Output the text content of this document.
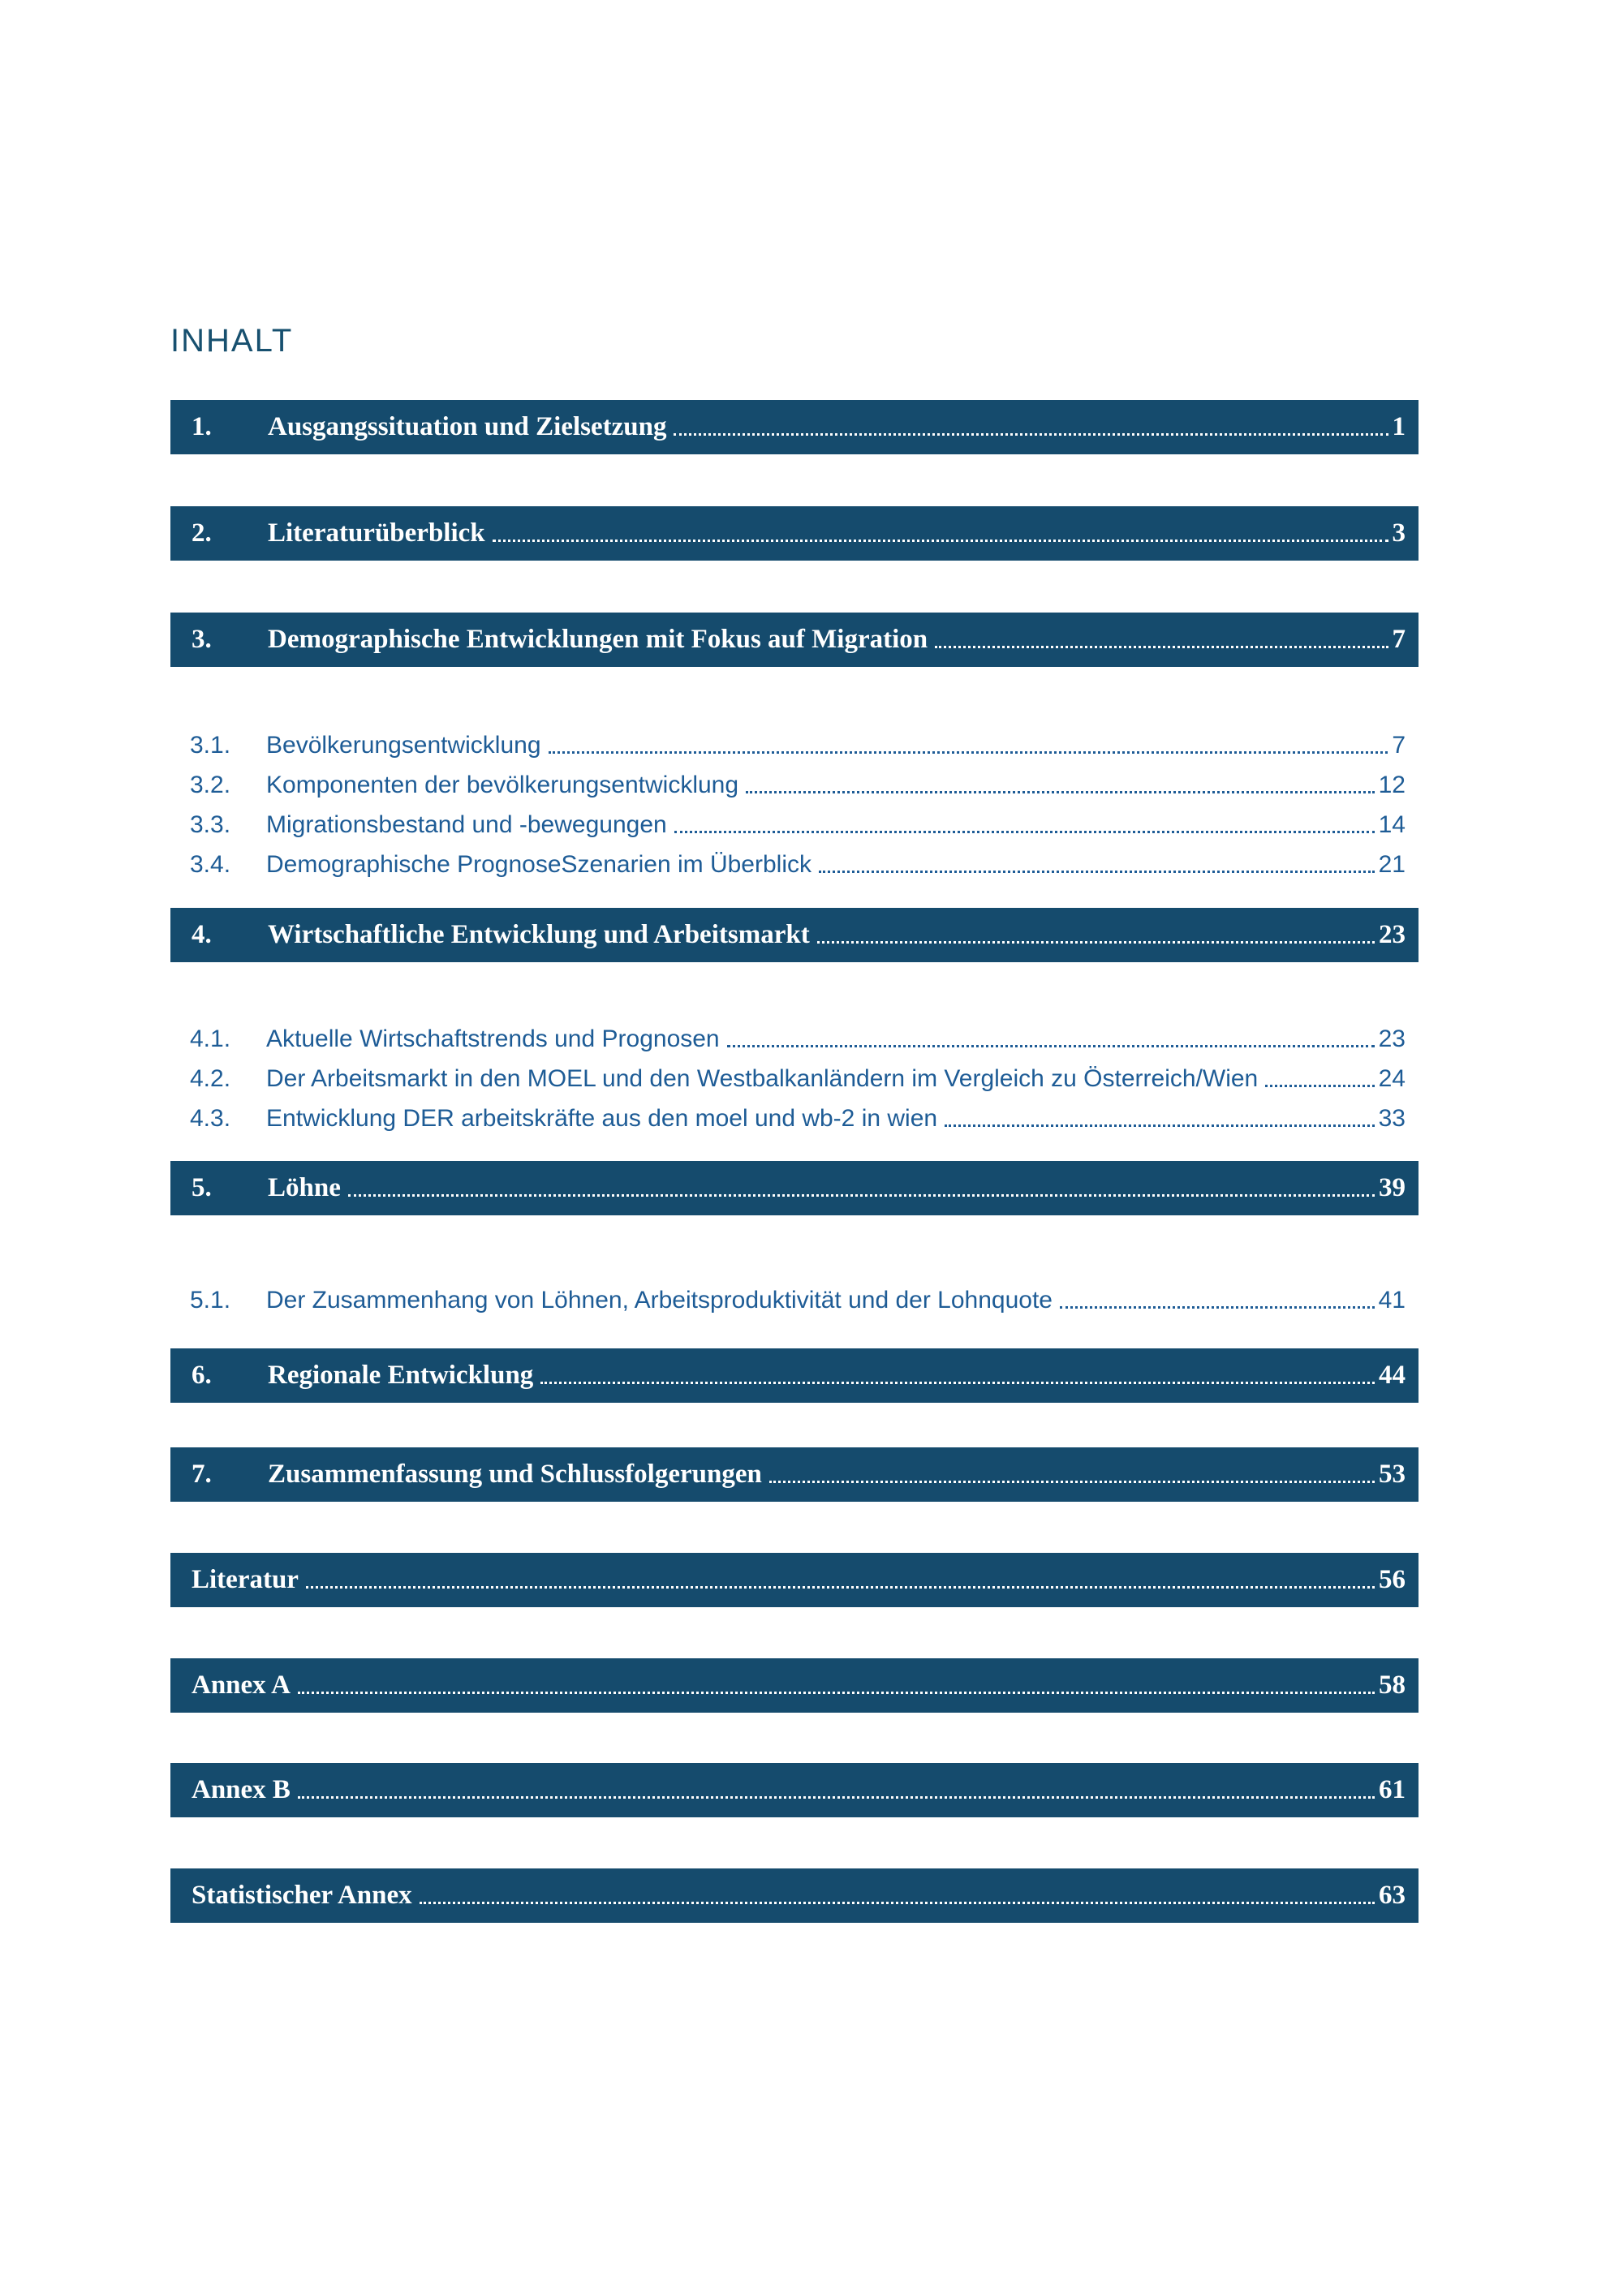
INHALT
1.	Ausgangssituation und Zielsetzung	1
2.	Literaturüberblick	3
3.	Demographische Entwicklungen mit Fokus auf Migration	7
3.1.	Bevölkerungsentwicklung	7
3.2.	Komponenten der bevölkerungsentwicklung	12
3.3.	Migrationsbestand und -bewegungen	14
3.4.	Demographische PrognoseSzenarien im Überblick	21
4.	Wirtschaftliche Entwicklung und Arbeitsmarkt	23
4.1.	Aktuelle Wirtschaftstrends und Prognosen	23
4.2.	Der Arbeitsmarkt in den MOEL und den Westbalkanländern im Vergleich zu Österreich/Wien	24
4.3.	Entwicklung DER arbeitskräfte aus den moel und wb-2 in wien	33
5.	Löhne	39
5.1.	Der Zusammenhang von Löhnen, Arbeitsproduktivität und der Lohnquote	41
6.	Regionale Entwicklung	44
7.	Zusammenfassung und Schlussfolgerungen	53
Literatur	56
Annex A	58
Annex B	61
Statistischer Annex	63
